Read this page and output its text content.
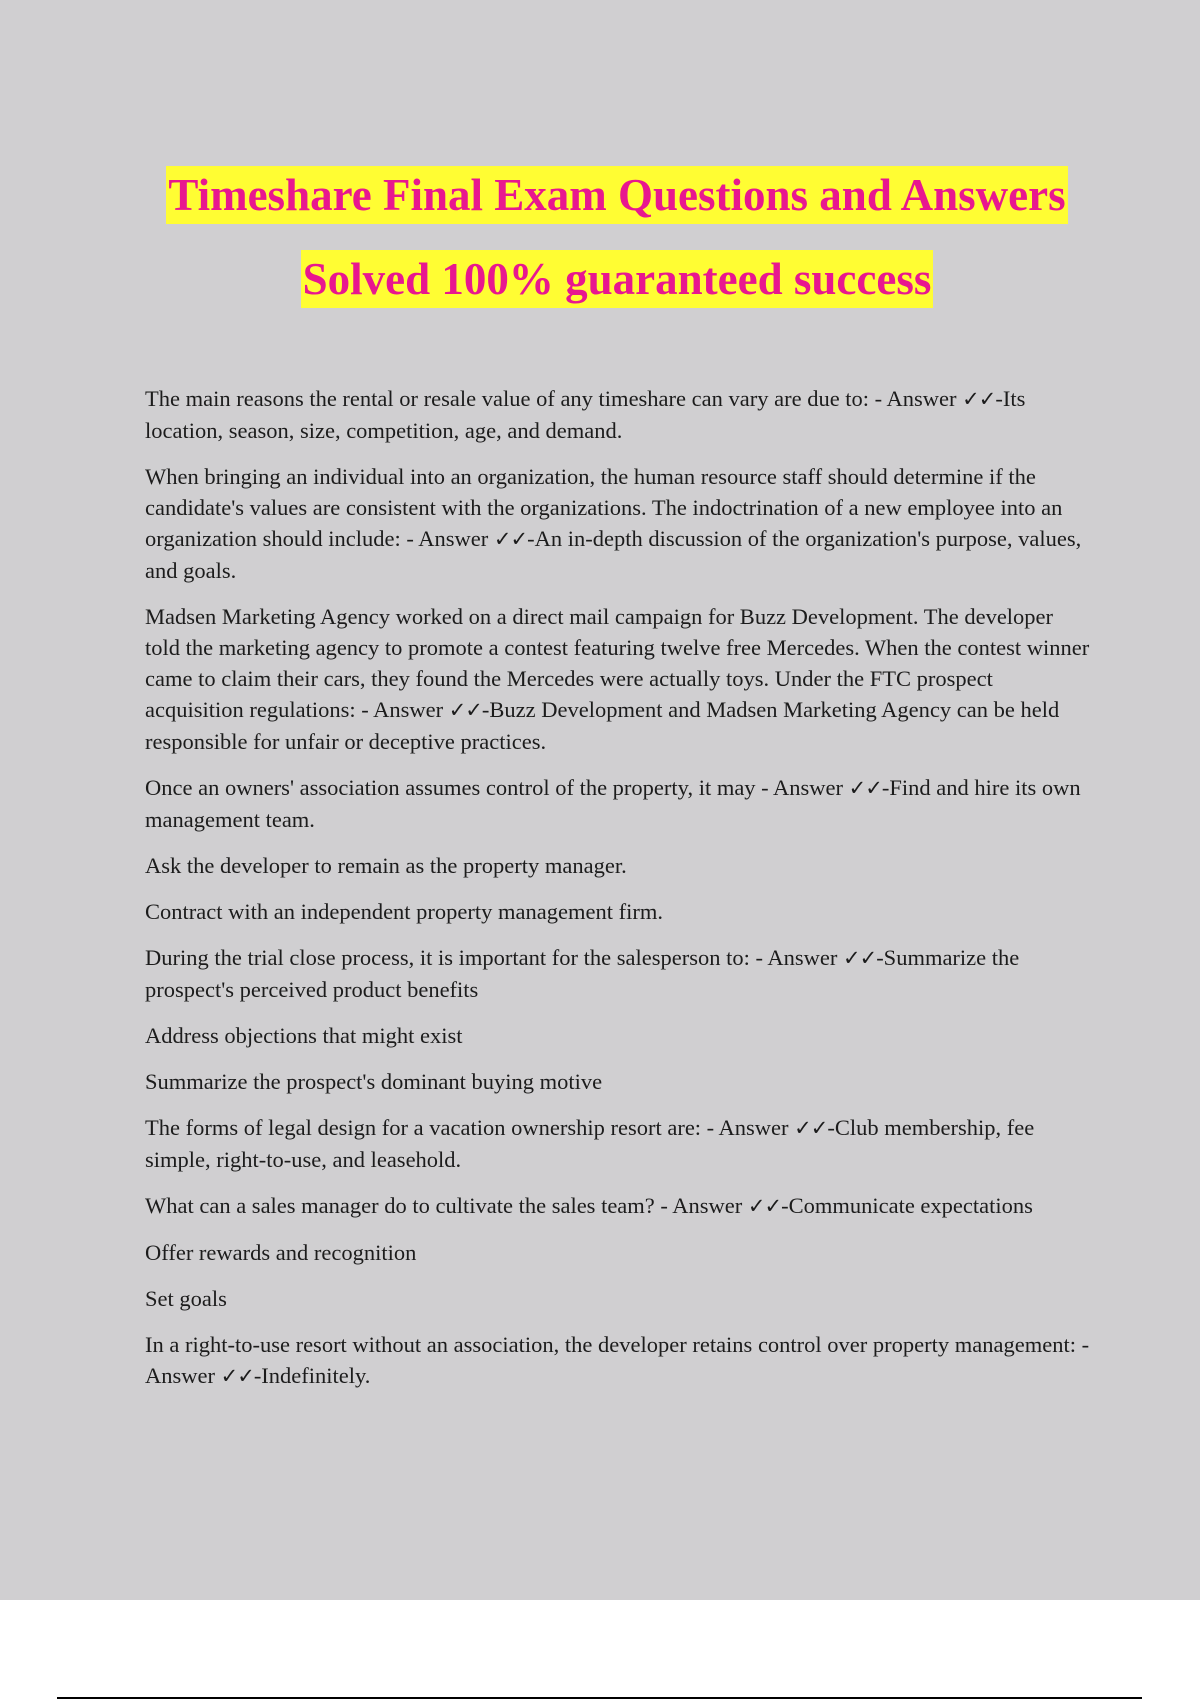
Timeshare Final Exam Questions and Answers
Solved 100% guaranteed success

The main reasons the rental or resale value of any timeshare can vary are due to: - Answer ✓✓-Its location, season, size, competition, age, and demand.

When bringing an individual into an organization, the human resource staff should determine if the candidate's values are consistent with the organizations. The indoctrination of a new employee into an organization should include: - Answer ✓✓-An in-depth discussion of the organization's purpose, values, and goals.

Madsen Marketing Agency worked on a direct mail campaign for Buzz Development. The developer told the marketing agency to promote a contest featuring twelve free Mercedes. When the contest winner came to claim their cars, they found the Mercedes were actually toys. Under the FTC prospect acquisition regulations: - Answer ✓✓-Buzz Development and Madsen Marketing Agency can be held responsible for unfair or deceptive practices.

Once an owners' association assumes control of the property, it may - Answer ✓✓-Find and hire its own management team.

Ask the developer to remain as the property manager.

Contract with an independent property management firm.

During the trial close process, it is important for the salesperson to: - Answer ✓✓-Summarize the prospect's perceived product benefits

Address objections that might exist

Summarize the prospect's dominant buying motive

The forms of legal design for a vacation ownership resort are: - Answer ✓✓-Club membership, fee simple, right-to-use, and leasehold.

What can a sales manager do to cultivate the sales team? - Answer ✓✓-Communicate expectations

Offer rewards and recognition

Set goals

In a right-to-use resort without an association, the developer retains control over property management: - Answer ✓✓-Indefinitely.
